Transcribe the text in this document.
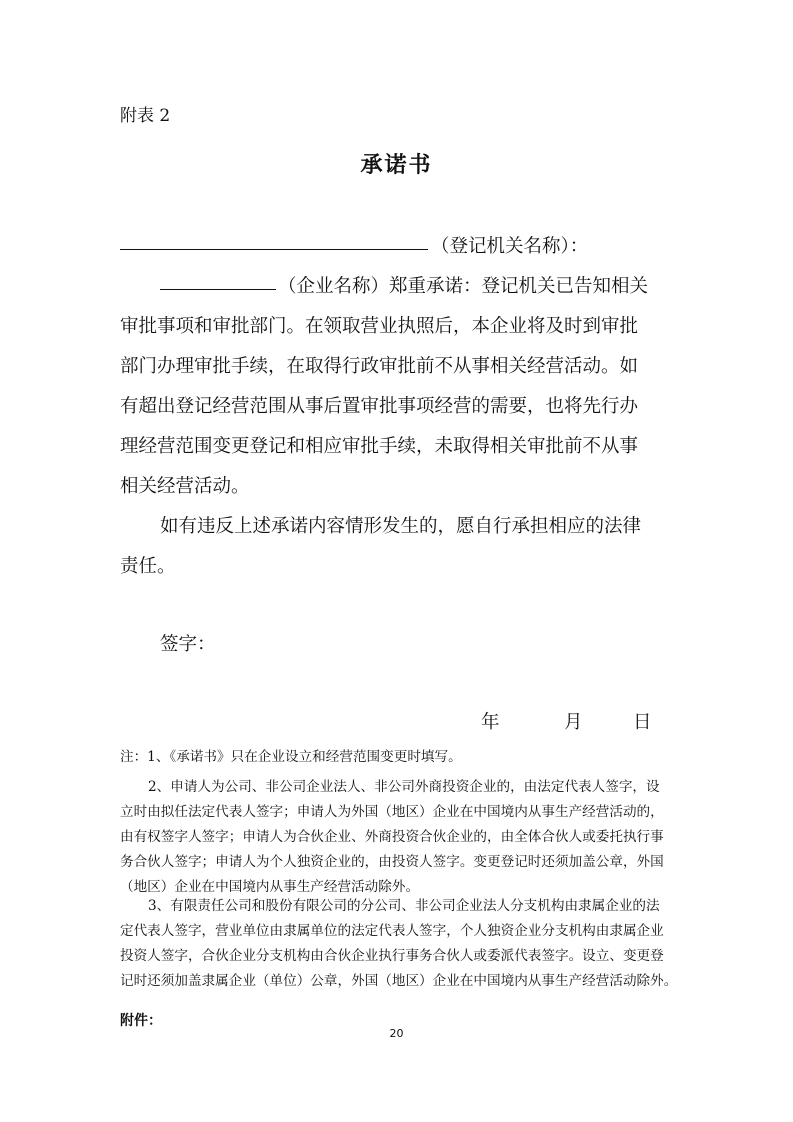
附表 2
承诺书
（登记机关名称）：
（企业名称）郑重承诺：登记机关已告知相关
审批事项和审批部门。在领取营业执照后，本企业将及时到审批
部门办理审批手续，在取得行政审批前不从事相关经营活动。如
有超出登记经营范围从事后置审批事项经营的需要，也将先行办
理经营范围变更登记和相应审批手续，未取得相关审批前不从事
相关经营活动。
如有违反上述承诺内容情形发生的，愿自行承担相应的法律
责任。
签字：
年	月	日
注：1、《承诺书》只在企业设立和经营范围变更时填写。
2、申请人为公司、非公司企业法人、非公司外商投资企业的，由法定代表人签字，设
立时由拟任法定代表人签字；申请人为外国（地区）企业在中国境内从事生产经营活动的，
由有权签字人签字；申请人为合伙企业、外商投资合伙企业的，由全体合伙人或委托执行事
务合伙人签字；申请人为个人独资企业的，由投资人签字。变更登记时还须加盖公章，外国
（地区）企业在中国境内从事生产经营活动除外。
3、有限责任公司和股份有限公司的分公司、非公司企业法人分支机构由隶属企业的法
定代表人签字，营业单位由隶属单位的法定代表人签字，个人独资企业分支机构由隶属企业
投资人签字，合伙企业分支机构由合伙企业执行事务合伙人或委派代表签字。设立、变更登
记时还须加盖隶属企业（单位）公章，外国（地区）企业在中国境内从事生产经营活动除外。
附件：
20
